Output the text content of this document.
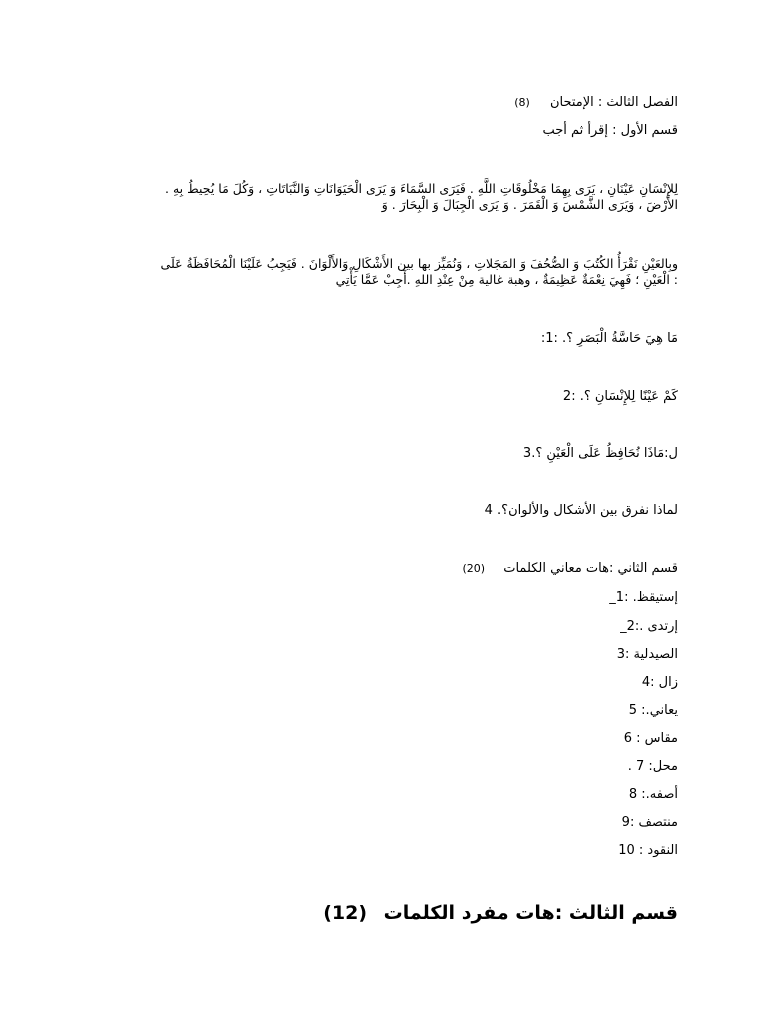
الفصل الثالث : الإمتحان (8)
قسم الأول : إقرأ ثم أجب
لِلإِنْسَانِ عَيْنَانِ ، يَرَى بِهِمَا مَخْلُوقَاتِ اللَّهِ . فَيَرَى السَّمَاءَ وَ يَرَى الْحَيَوَانَاتِ وَالنَّبَاتَاتِ ، وَكُلَ مَا يُحِيطُ بِهِ .
الأَرْضَ ، وَيَرَى الشَّمْسَ وَ الْقَمَرَ . وَ يَرَى الْجِبَالَ وَ الْبِحَارَ . وَ
وبِالعَيْنِ نَقْرَأُ الكُتُبَ وَ الصُّحُفَ وَ المَجَلاتِ ، وَنُمَيِّز بها بين الأَشْكَالِ وَالأَلْوَانَ . فَيَجِبُ عَلَيْنَا الْمُحَافَظَةُ عَلَى
: الْعَيْنِ ؛ فَهِيَ نِعْمَةٌ عَظِيمَةٌ ، وهبة غالية مِنْ عِنْدِ اللهِ .أَجِبْ عَمَّا يَأْتِي
مَا هِيَ حَاسَّةُ الْبَصَرِ ؟. :1:
كَمْ عَيْنًا لِلإِنْسَانِ ؟. :2
ل:مَاذَا نُحَافِظُ عَلَى الْعَيْنِ ؟.3
لماذا نفرق بين الأشكال والألوان؟. 4
قسم الثاني :هات معاني الكلمات (20)
إستيقظ. :1_
إرتدى .:2_
الصيدلية :3
زال :4
يعاني.: 5
مقاس : 6
محل: 7 .
أصفه.: 8
منتصف :9
النقود : 10
قسم الثالث :هات مفرد الكلمات (12)
